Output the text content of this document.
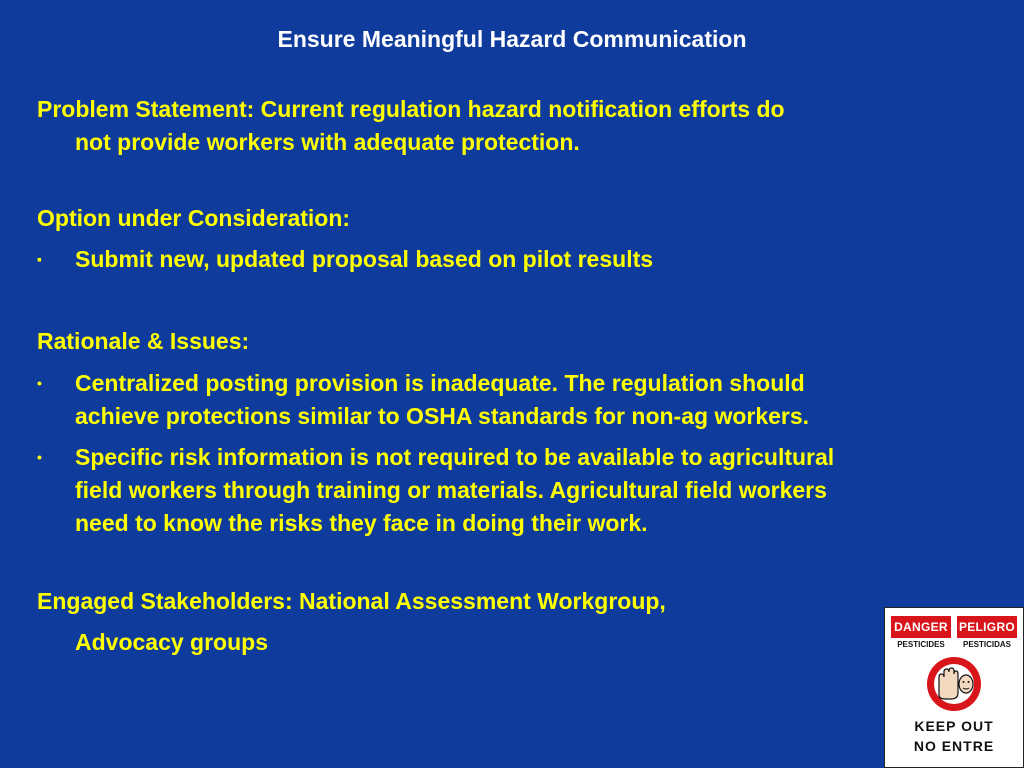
Ensure Meaningful Hazard Communication
Problem Statement: Current regulation hazard notification efforts do
not provide workers with adequate protection.
Option under Consideration:
▪	Submit new, updated proposal based on pilot results
Rationale & Issues:
•	Centralized posting provision is inadequate. The regulation should
achieve protections similar to OSHA standards for non-ag workers.
•	Specific risk information is not required to be available to agricultural
field workers through training or materials. Agricultural field workers
need to know the risks they face in doing their work.
Engaged Stakeholders: National Assessment Workgroup,
Advocacy groups
DANGER PELIGRO
PESTICIDES	PESTICIDAS
KEEP OUT
NO ENTRE
